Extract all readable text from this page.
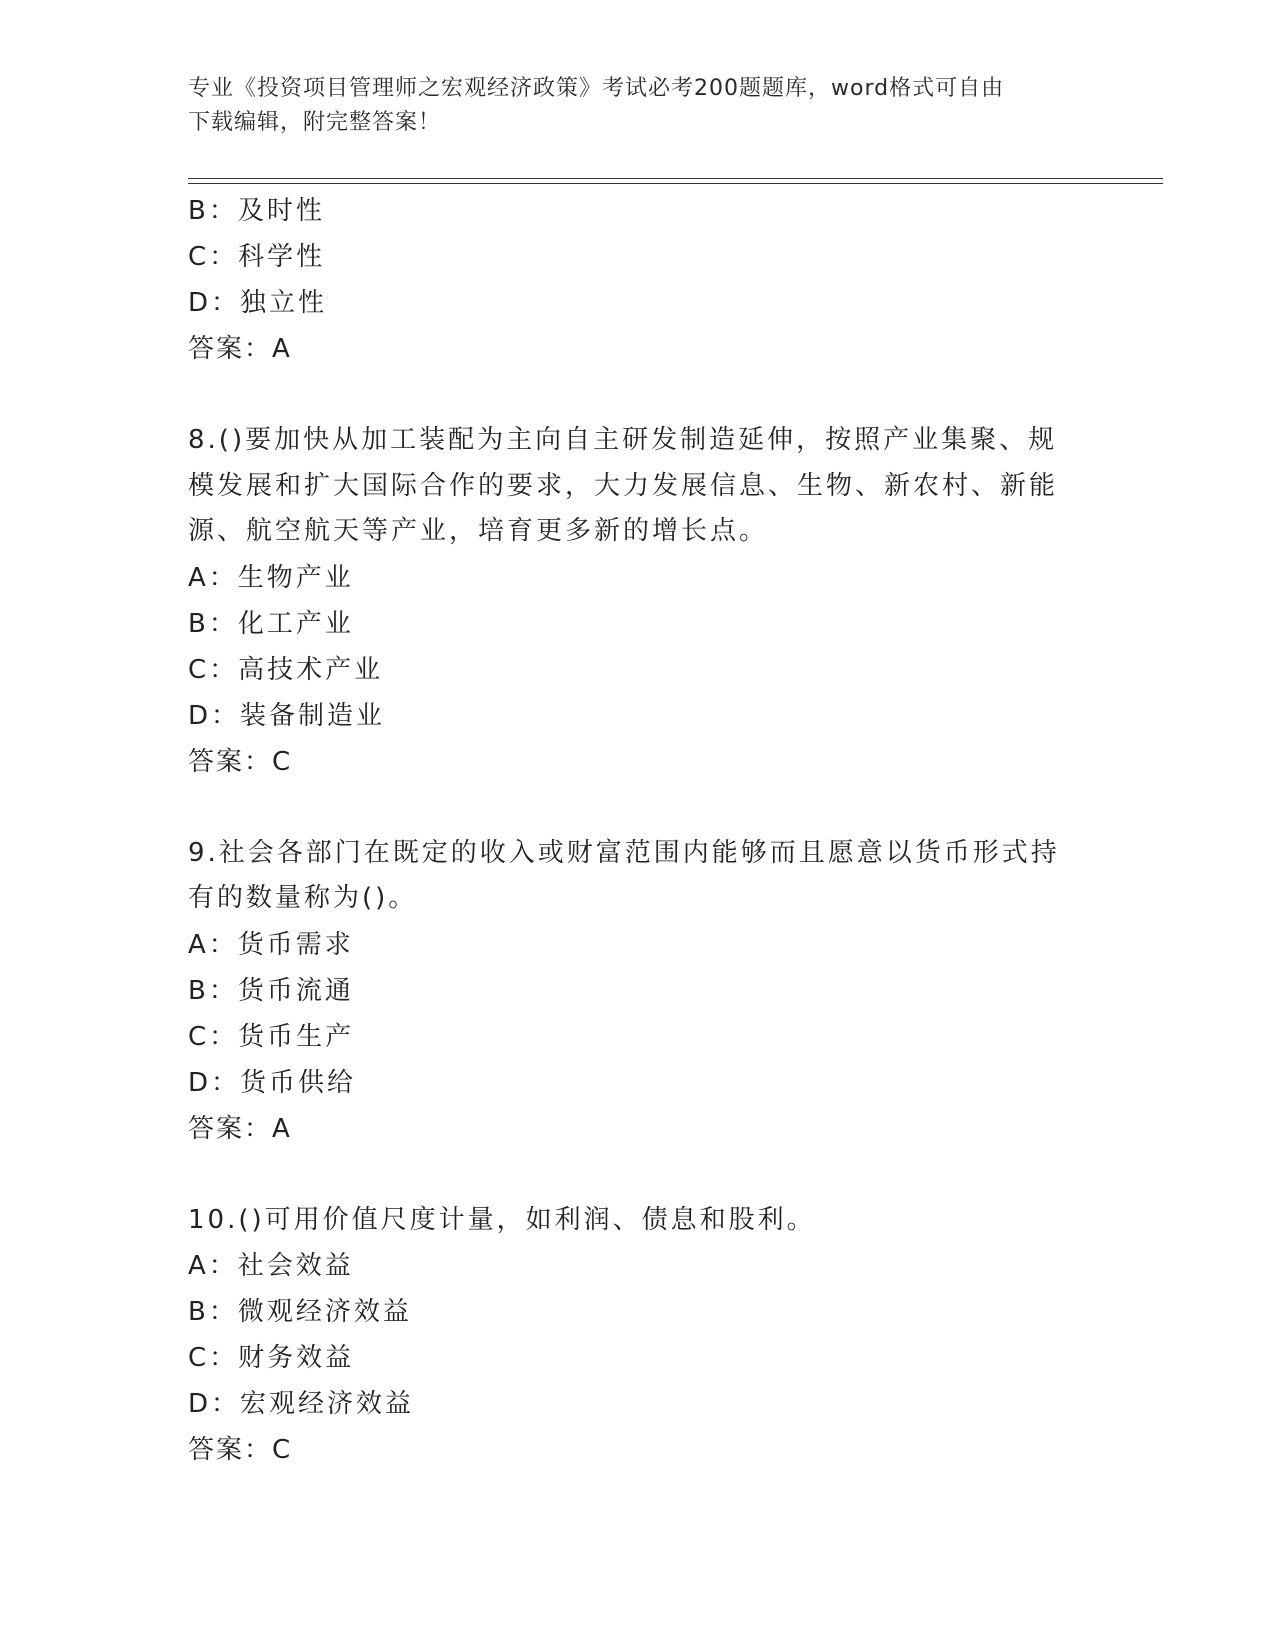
专业《投资项目管理师之宏观经济政策》考试必考200题题库，word格式可自由
下载编辑，附完整答案！
B：及时性
C：科学性
D：独立性
答案：A
8.()要加快从加工装配为主向自主研发制造延伸，按照产业集聚、规模发展和扩大国际合作的要求，大力发展信息、生物、新农村、新能源、航空航天等产业，培育更多新的增长点。
A：生物产业
B：化工产业
C：高技术产业
D：装备制造业
答案：C
9.社会各部门在既定的收入或财富范围内能够而且愿意以货币形式持有的数量称为()。
A：货币需求
B：货币流通
C：货币生产
D：货币供给
答案：A
10.()可用价值尺度计量，如利润、债息和股利。
A：社会效益
B：微观经济效益
C：财务效益
D：宏观经济效益
答案：C
